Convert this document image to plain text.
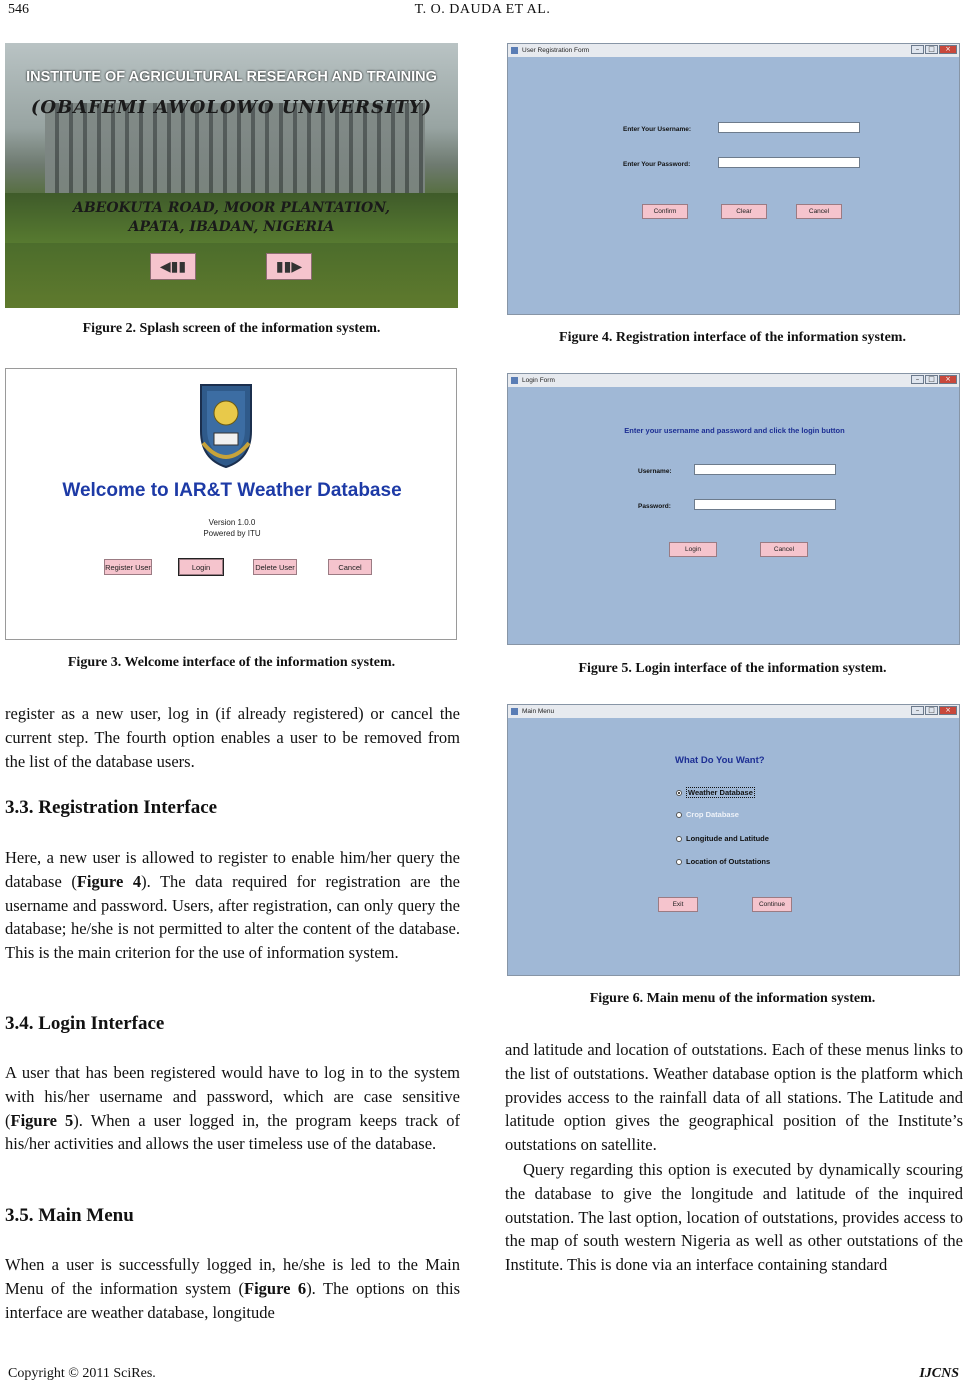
546	T. O. DAUDA ET AL.
INSTITUTE OF AGRICULTURAL RESEARCH AND TRAINING
(OBAFEMI AWOLOWO UNIVERSITY)
ABEOKUTA ROAD, MOOR PLANTATION,
APATA, IBADAN, NIGERIA
◀▮▮	▮▮▶
Figure 2. Splash screen of the information system.
Welcome to IAR&T Weather Database
Version 1.0.0
Powered by ITU
Register User	Login	Delete User	Cancel
Figure 3. Welcome interface of the information system.
User Registration Form	–	□	×
Enter Your Username:
Enter Your Password:
Confirm	Clear	Cancel
Figure 4. Registration interface of the information system.
Login Form	–	□	×
Enter your username and password and click the login button
Username:
Password:
Login	Cancel
Figure 5. Login interface of the information system.
Main Menu	–	□	×
What Do You Want?
Weather Database
Crop Database
Longitude and Latitude
Location of Outstations
Exit	Continue
Figure 6. Main menu of the information system.
register as a new user, log in (if already registered) or cancel the current step. The fourth option enables a user to be removed from the list of the database users.
3.3. Registration Interface
Here, a new user is allowed to register to enable him/her query the database (Figure 4). The data required for registration are the username and password. Users, after registration, can only query the database; he/she is not permitted to alter the content of the database. This is the main criterion for the use of information system.
3.4. Login Interface
A user that has been registered would have to log in to the system with his/her username and password, which are case sensitive (Figure 5). When a user logged in, the program keeps track of his/her activities and allows the user timeless use of the database.
3.5. Main Menu
When a user is successfully logged in, he/she is led to the Main Menu of the information system (Figure 6). The options on this interface are weather database, longitude
and latitude and location of outstations. Each of these menus links to the list of outstations. Weather database option is the platform which provides access to the rainfall data of all stations. The Latitude and latitude option gives the geographical position of the Institute’s outstations on satellite.
Query regarding this option is executed by dynamically scouring the database to give the longitude and latitude of the inquired outstation. The last option, location of outstations, provides access to the map of south western Nigeria as well as other outstations of the Institute. This is done via an interface containing standard
Copyright © 2011 SciRes.	IJCNS
